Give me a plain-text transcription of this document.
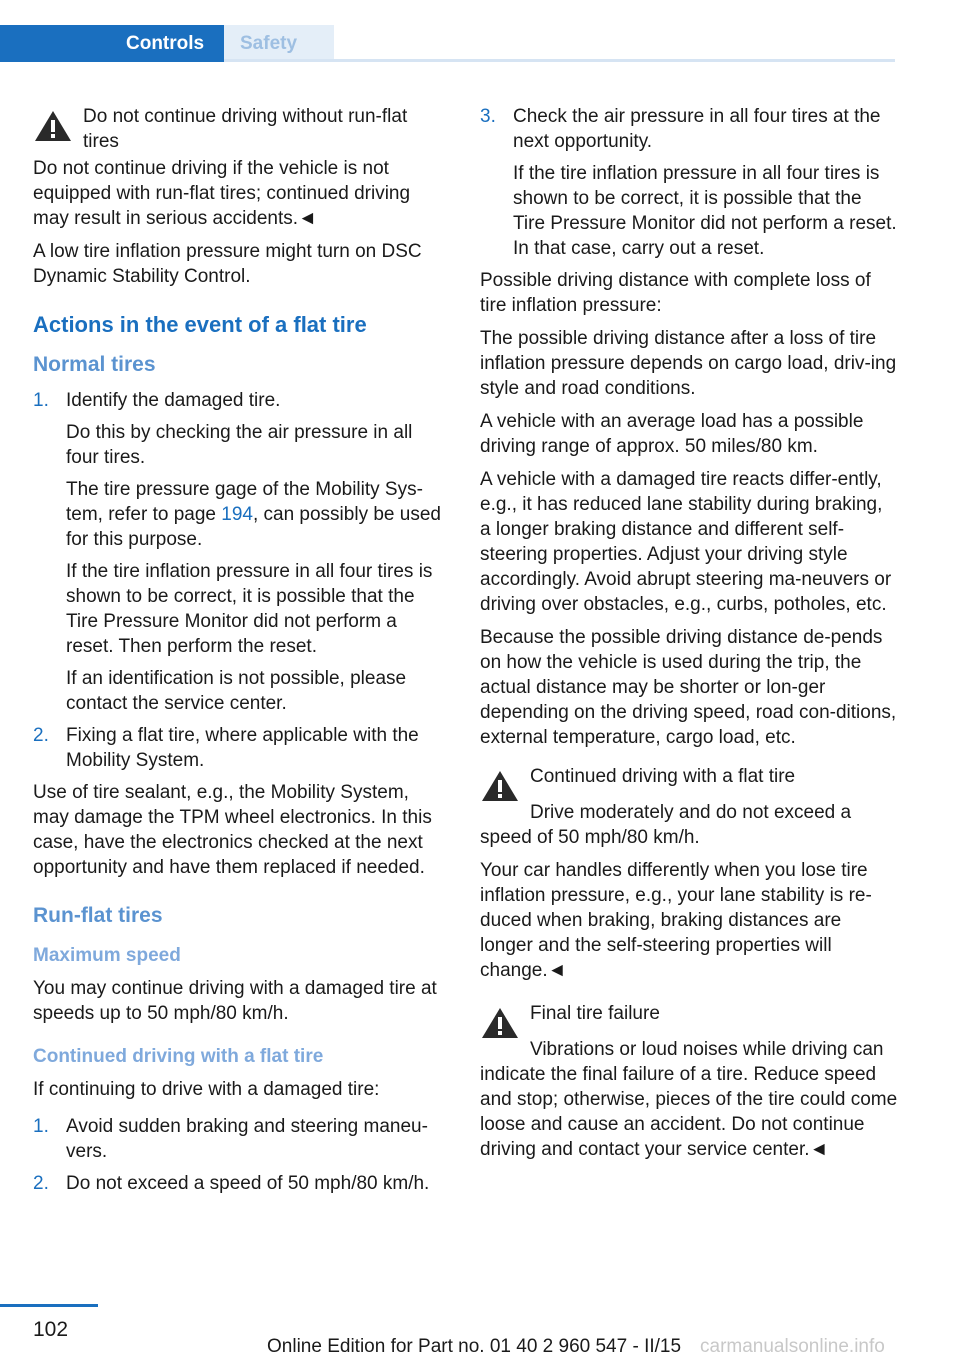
Controls Safety

Do not continue driving without run-flat tires

Do not continue driving if the vehicle is not equipped with run-flat tires; continued driving may result in serious accidents.◄

A low tire inflation pressure might turn on DSC Dynamic Stability Control.

Actions in the event of a flat tire
Normal tires
1. Identify the damaged tire.

Do this by checking the air pressure in all four tires.

The tire pressure gage of the Mobility Sys-tem, refer to page 194, can possibly be used for this purpose.

If the tire inflation pressure in all four tires is shown to be correct, it is possible that the Tire Pressure Monitor did not perform a reset. Then perform the reset.

If an identification is not possible, please contact the service center.

2. Fixing a flat tire, where applicable with the Mobility System.

Use of tire sealant, e.g., the Mobility System, may damage the TPM wheel electronics. In this case, have the electronics checked at the next opportunity and have them replaced if needed.

Run-flat tires
Maximum speed

You may continue driving with a damaged tire at speeds up to 50 mph/80 km/h.

Continued driving with a flat tire

If continuing to drive with a damaged tire:

1. Avoid sudden braking and steering maneu-vers.

2. Do not exceed a speed of 50 mph/80 km/h.

3. Check the air pressure in all four tires at the next opportunity.

If the tire inflation pressure in all four tires is shown to be correct, it is possible that the Tire Pressure Monitor did not perform a reset. In that case, carry out a reset.

Possible driving distance with complete loss of tire inflation pressure:

The possible driving distance after a loss of tire inflation pressure depends on cargo load, driv-ing style and road conditions.

A vehicle with an average load has a possible driving range of approx. 50 miles/80 km.

A vehicle with a damaged tire reacts differ-ently, e.g., it has reduced lane stability during braking, a longer braking distance and different self-steering properties. Adjust your driving style accordingly. Avoid abrupt steering ma-neuvers or driving over obstacles, e.g., curbs, potholes, etc.

Because the possible driving distance de-pends on how the vehicle is used during the trip, the actual distance may be shorter or lon-ger depending on the driving speed, road con-ditions, external temperature, cargo load, etc.

Continued driving with a flat tire

Drive moderately and do not exceed a speed of 50 mph/80 km/h.

Your car handles differently when you lose tire inflation pressure, e.g., your lane stability is re-duced when braking, braking distances are longer and the self-steering properties will change.◄

Final tire failure

Vibrations or loud noises while driving can indicate the final failure of a tire. Reduce speed and stop; otherwise, pieces of the tire could come loose and cause an accident. Do not continue driving and contact your service center.◄

102
Online Edition for Part no. 01 40 2 960 547 - II/15 carmanualsonline.info
